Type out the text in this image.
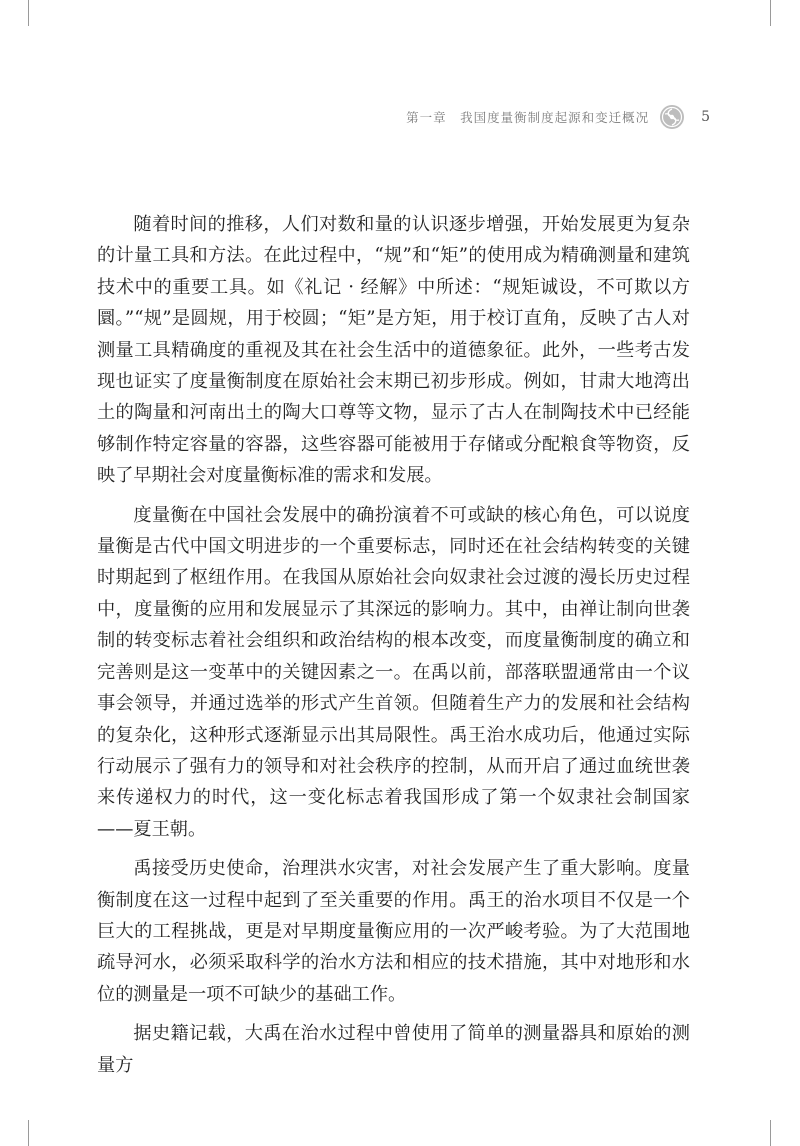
第一章　我国度量衡制度起源和变迁概况	5

随着时间的推移，人们对数和量的认识逐步增强，开始发展更为复杂的计量工具和方法。在此过程中，“规”和“矩”的使用成为精确测量和建筑技术中的重要工具。如《礼记 · 经解》中所述：“规矩诚设，不可欺以方圜。”“规”是圆规，用于校圆；“矩”是方矩，用于校订直角，反映了古人对测量工具精确度的重视及其在社会生活中的道德象征。此外，一些考古发现也证实了度量衡制度在原始社会末期已初步形成。例如，甘肃大地湾出土的陶量和河南出土的陶大口尊等文物，显示了古人在制陶技术中已经能够制作特定容量的容器，这些容器可能被用于存储或分配粮食等物资，反映了早期社会对度量衡标准的需求和发展。

度量衡在中国社会发展中的确扮演着不可或缺的核心角色，可以说度量衡是古代中国文明进步的一个重要标志，同时还在社会结构转变的关键时期起到了枢纽作用。在我国从原始社会向奴隶社会过渡的漫长历史过程中，度量衡的应用和发展显示了其深远的影响力。其中，由禅让制向世袭制的转变标志着社会组织和政治结构的根本改变，而度量衡制度的确立和完善则是这一变革中的关键因素之一。在禹以前，部落联盟通常由一个议事会领导，并通过选举的形式产生首领。但随着生产力的发展和社会结构的复杂化，这种形式逐渐显示出其局限性。禹王治水成功后，他通过实际行动展示了强有力的领导和对社会秩序的控制，从而开启了通过血统世袭来传递权力的时代，这一变化标志着我国形成了第一个奴隶社会制国家——夏王朝。

禹接受历史使命，治理洪水灾害，对社会发展产生了重大影响。度量衡制度在这一过程中起到了至关重要的作用。禹王的治水项目不仅是一个巨大的工程挑战，更是对早期度量衡应用的一次严峻考验。为了大范围地疏导河水，必须采取科学的治水方法和相应的技术措施，其中对地形和水位的测量是一项不可缺少的基础工作。

据史籍记载，大禹在治水过程中曾使用了简单的测量器具和原始的测量方
